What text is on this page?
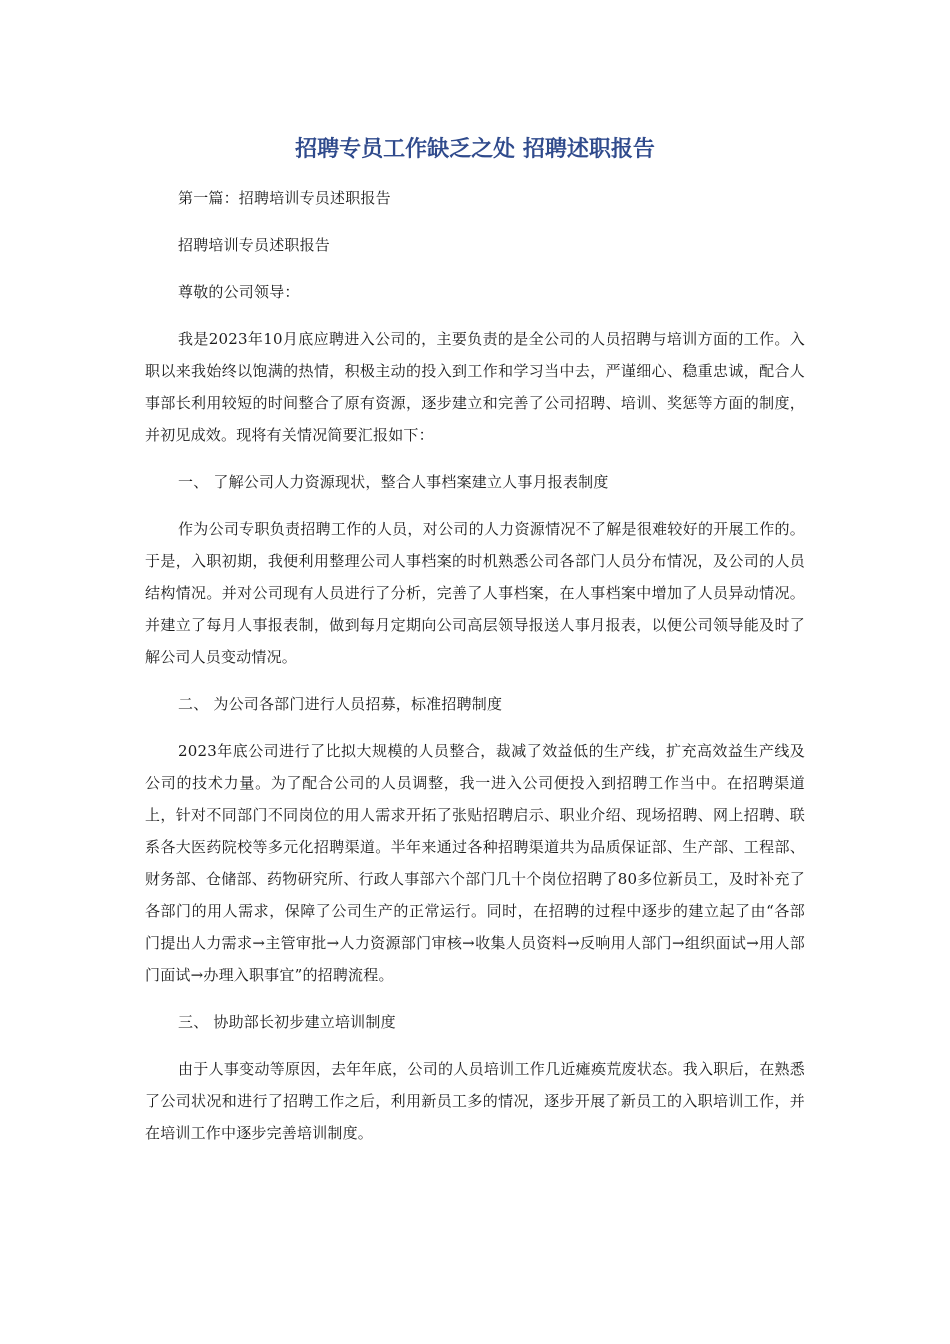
招聘专员工作缺乏之处 招聘述职报告

第一篇：招聘培训专员述职报告

招聘培训专员述职报告

尊敬的公司领导：

我是2023年10月底应聘进入公司的，主要负责的是全公司的人员招聘与培训方面的工作。入职以来我始终以饱满的热情，积极主动的投入到工作和学习当中去，严谨细心、稳重忠诚，配合人事部长利用较短的时间整合了原有资源，逐步建立和完善了公司招聘、培训、奖惩等方面的制度，并初见成效。现将有关情况简要汇报如下：

一、 了解公司人力资源现状，整合人事档案建立人事月报表制度

作为公司专职负责招聘工作的人员，对公司的人力资源情况不了解是很难较好的开展工作的。于是，入职初期，我便利用整理公司人事档案的时机熟悉公司各部门人员分布情况，及公司的人员结构情况。并对公司现有人员进行了分析，完善了人事档案，在人事档案中增加了人员异动情况。并建立了每月人事报表制，做到每月定期向公司高层领导报送人事月报表，以便公司领导能及时了解公司人员变动情况。

二、 为公司各部门进行人员招募，标准招聘制度

2023年底公司进行了比拟大规模的人员整合，裁减了效益低的生产线，扩充高效益生产线及公司的技术力量。为了配合公司的人员调整，我一进入公司便投入到招聘工作当中。在招聘渠道上，针对不同部门不同岗位的用人需求开拓了张贴招聘启示、职业介绍、现场招聘、网上招聘、联系各大医药院校等多元化招聘渠道。半年来通过各种招聘渠道共为品质保证部、生产部、工程部、财务部、仓储部、药物研究所、行政人事部六个部门几十个岗位招聘了80多位新员工，及时补充了各部门的用人需求，保障了公司生产的正常运行。同时，在招聘的过程中逐步的建立起了由“各部门提出人力需求→主管审批→人力资源部门审核→收集人员资料→反响用人部门→组织面试→用人部门面试→办理入职事宜”的招聘流程。

三、 协助部长初步建立培训制度

由于人事变动等原因，去年年底，公司的人员培训工作几近瘫痪荒废状态。我入职后，在熟悉了公司状况和进行了招聘工作之后，利用新员工多的情况，逐步开展了新员工的入职培训工作，并在培训工作中逐步完善培训制度。
